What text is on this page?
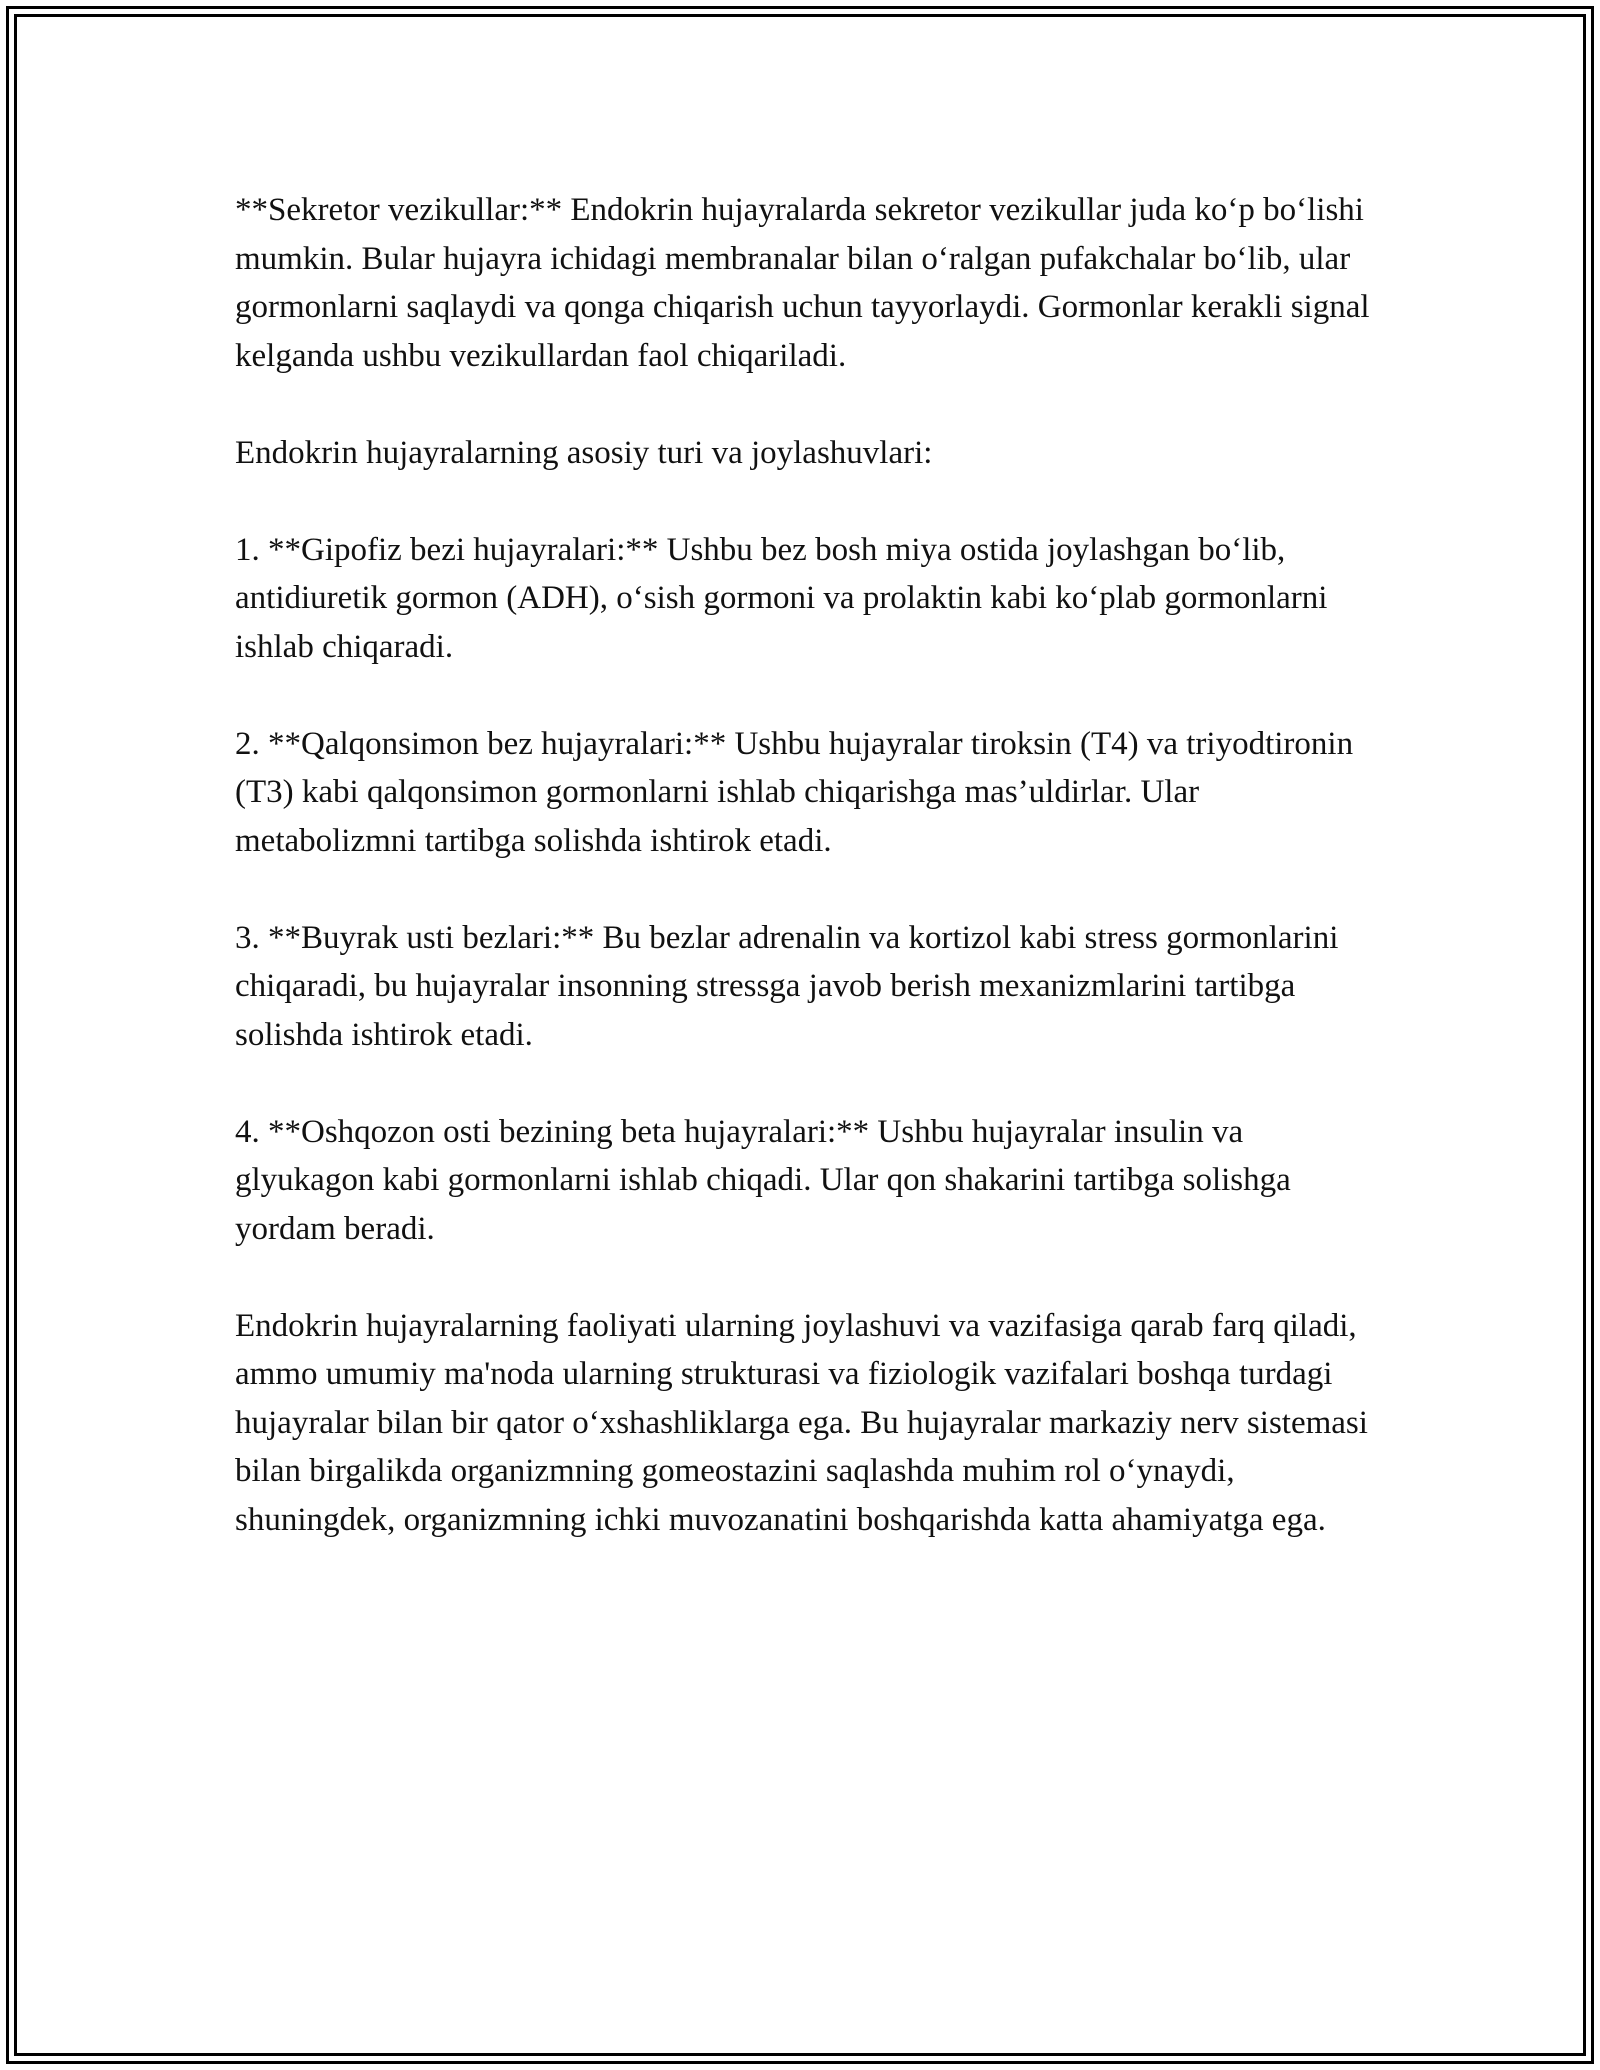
**Sekretor vezikullar:** Endokrin hujayralarda sekretor vezikullar juda ko‘p bo‘lishi mumkin. Bular hujayra ichidagi membranalar bilan o‘ralgan pufakchalar bo‘lib, ular gormonlarni saqlaydi va qonga chiqarish uchun tayyorlaydi. Gormonlar kerakli signal kelganda ushbu vezikullardan faol chiqariladi.

Endokrin hujayralarning asosiy turi va joylashuvlari:

1. **Gipofiz bezi hujayralari:** Ushbu bez bosh miya ostida joylashgan bo‘lib, antidiuretik gormon (ADH), o‘sish gormoni va prolaktin kabi ko‘plab gormonlarni ishlab chiqaradi.

2. **Qalqonsimon bez hujayralari:** Ushbu hujayralar tiroksin (T4) va triyodtironin (T3) kabi qalqonsimon gormonlarni ishlab chiqarishga mas’uldirlar. Ular metabolizmni tartibga solishda ishtirok etadi.

3. **Buyrak usti bezlari:** Bu bezlar adrenalin va kortizol kabi stress gormonlarini chiqaradi, bu hujayralar insonning stressga javob berish mexanizmlarini tartibga solishda ishtirok etadi.

4. **Oshqozon osti bezining beta hujayralari:** Ushbu hujayralar insulin va glyukagon kabi gormonlarni ishlab chiqadi. Ular qon shakarini tartibga solishga yordam beradi.

Endokrin hujayralarning faoliyati ularning joylashuvi va vazifasiga qarab farq qiladi, ammo umumiy ma'noda ularning strukturasi va fiziologik vazifalari boshqa turdagi hujayralar bilan bir qator o‘xshashliklarga ega. Bu hujayralar markaziy nerv sistemasi bilan birgalikda organizmning gomeostazini saqlashda muhim rol o‘ynaydi, shuningdek, organizmning ichki muvozanatini boshqarishda katta ahamiyatga ega.
